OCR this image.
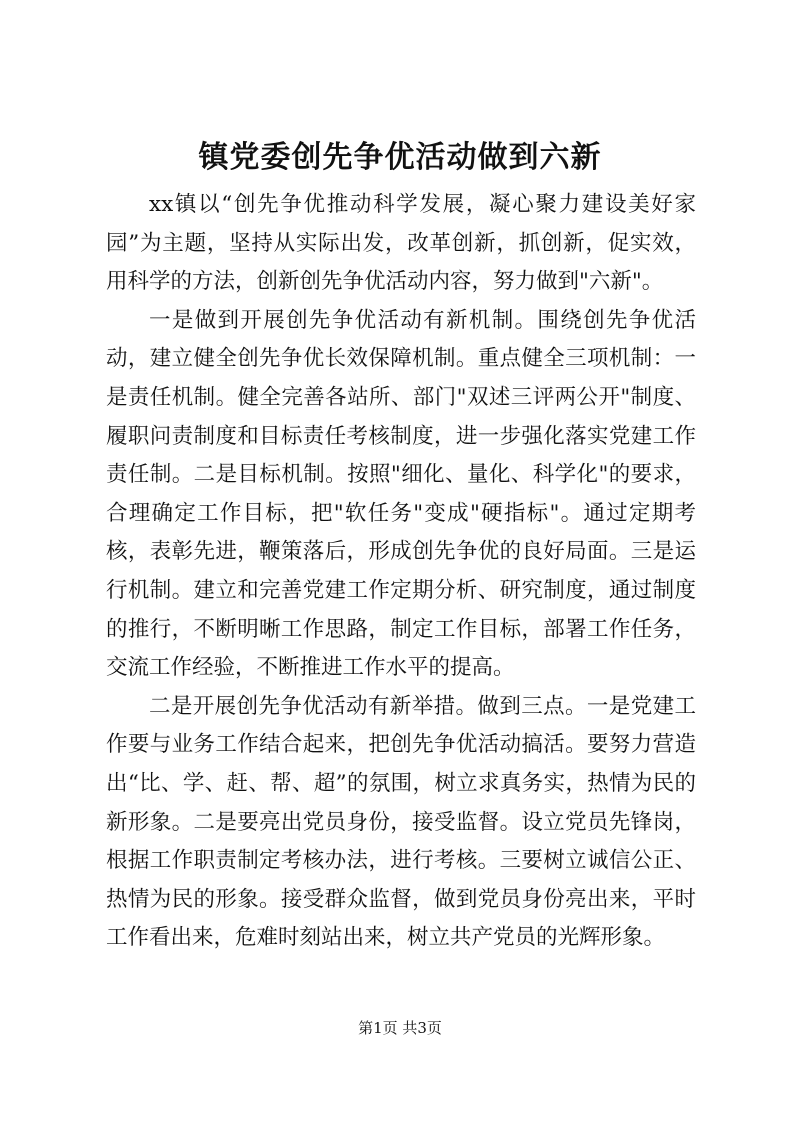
镇党委创先争优活动做到六新

xx镇以“创先争优推动科学发展，凝心聚力建设美好家园”为主题，坚持从实际出发，改革创新，抓创新，促实效，用科学的方法，创新创先争优活动内容，努力做到"六新"。

一是做到开展创先争优活动有新机制。围绕创先争优活动，建立健全创先争优长效保障机制。重点健全三项机制：一是责任机制。健全完善各站所、部门"双述三评两公开"制度、履职问责制度和目标责任考核制度，进一步强化落实党建工作责任制。二是目标机制。按照"细化、量化、科学化"的要求，合理确定工作目标，把"软任务"变成"硬指标"。通过定期考核，表彰先进，鞭策落后，形成创先争优的良好局面。三是运行机制。建立和完善党建工作定期分析、研究制度，通过制度的推行，不断明晰工作思路，制定工作目标，部署工作任务，交流工作经验，不断推进工作水平的提高。

二是开展创先争优活动有新举措。做到三点。一是党建工作要与业务工作结合起来，把创先争优活动搞活。要努力营造出“比、学、赶、帮、超”的氛围，树立求真务实，热情为民的新形象。二是要亮出党员身份，接受监督。设立党员先锋岗，根据工作职责制定考核办法，进行考核。三要树立诚信公正、热情为民的形象。接受群众监督，做到党员身份亮出来，平时工作看出来，危难时刻站出来，树立共产党员的光辉形象。

第1页 共3页
